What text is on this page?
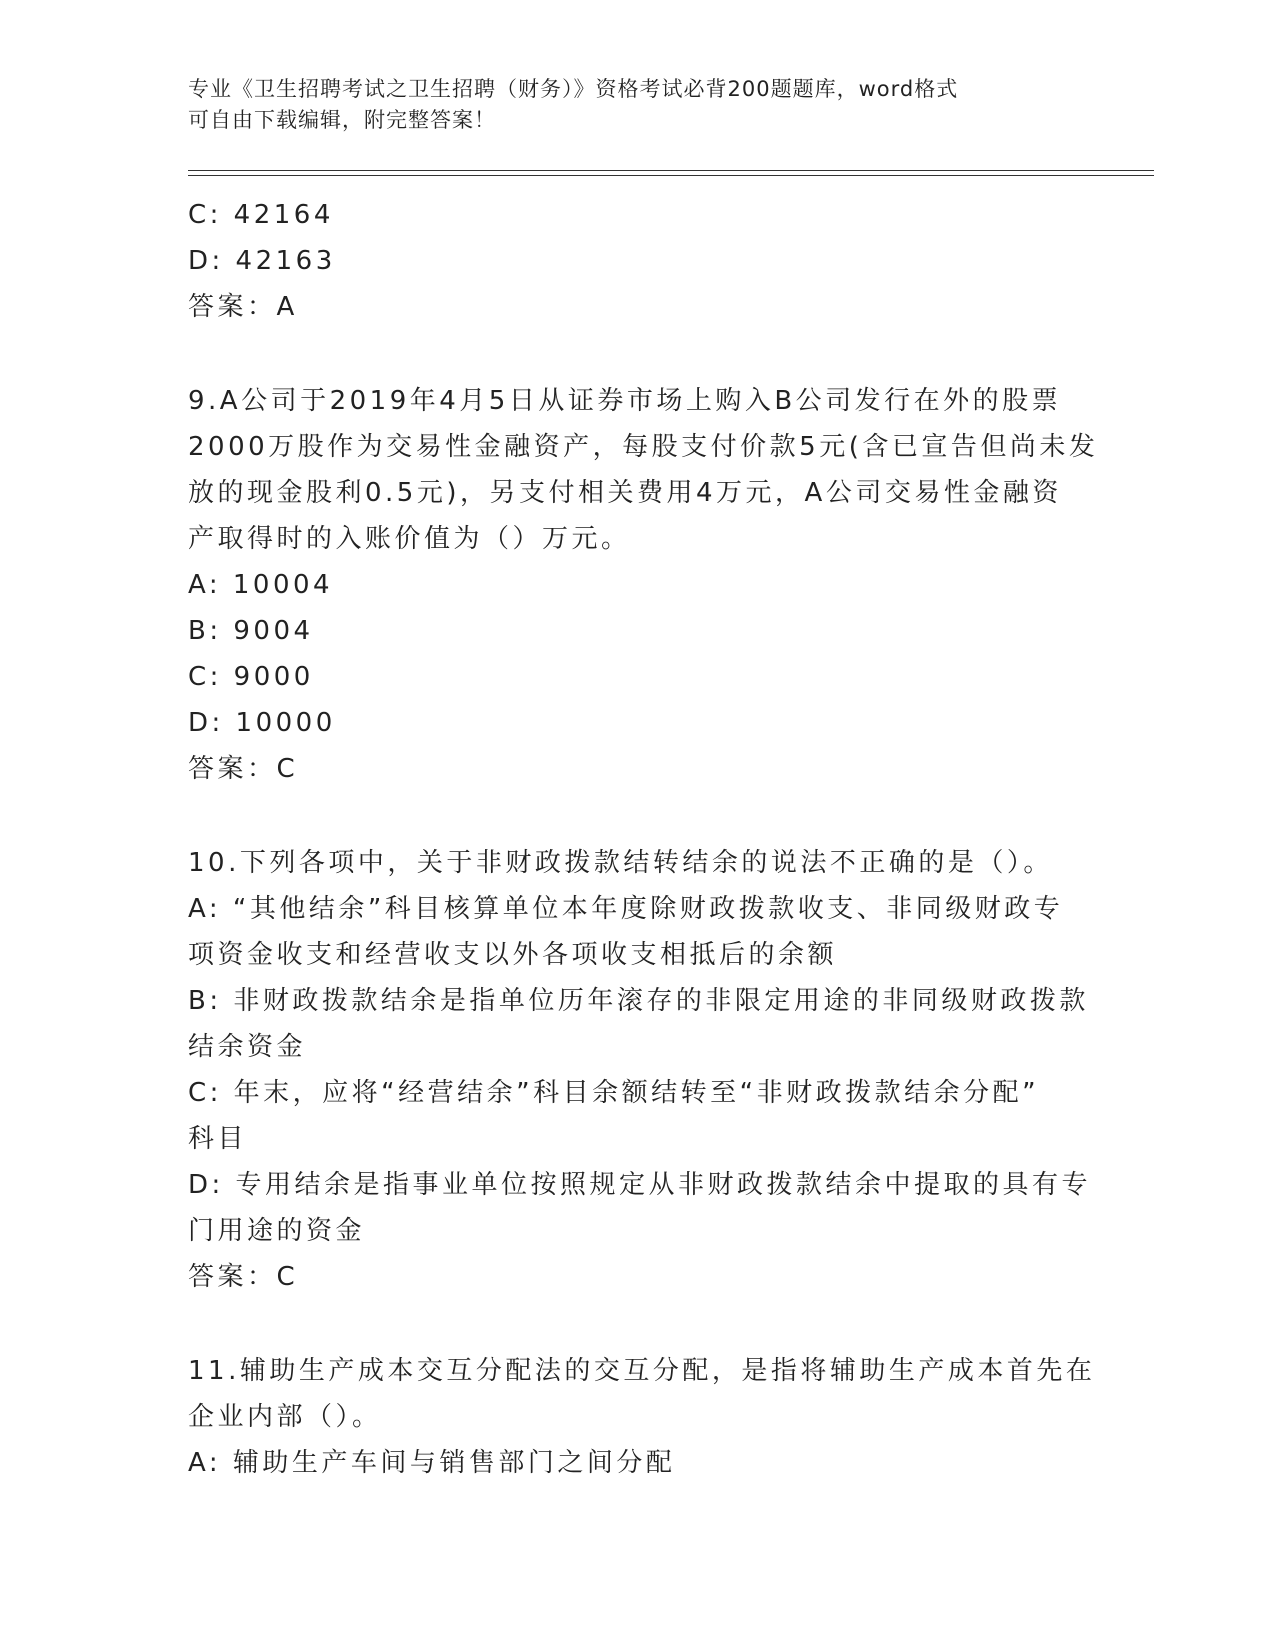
专业《卫生招聘考试之卫生招聘（财务）》资格考试必背200题题库，word格式
可自由下载编辑，附完整答案！
C: 42164
D: 42163
答案：A
9.A公司于2019年4月5日从证券市场上购入B公司发行在外的股票
2000万股作为交易性金融资产，每股支付价款5元(含已宣告但尚未发
放的现金股利0.5元)，另支付相关费用4万元，A公司交易性金融资
产取得时的入账价值为（）万元。
A: 10004
B: 9004
C: 9000
D: 10000
答案：C
10.下列各项中，关于非财政拨款结转结余的说法不正确的是（）。
A: “其他结余”科目核算单位本年度除财政拨款收支、非同级财政专
项资金收支和经营收支以外各项收支相抵后的余额
B: 非财政拨款结余是指单位历年滚存的非限定用途的非同级财政拨款
结余资金
C: 年末，应将“经营结余”科目余额结转至“非财政拨款结余分配”
科目
D: 专用结余是指事业单位按照规定从非财政拨款结余中提取的具有专
门用途的资金
答案：C
11.辅助生产成本交互分配法的交互分配，是指将辅助生产成本首先在
企业内部（）。
A: 辅助生产车间与销售部门之间分配
